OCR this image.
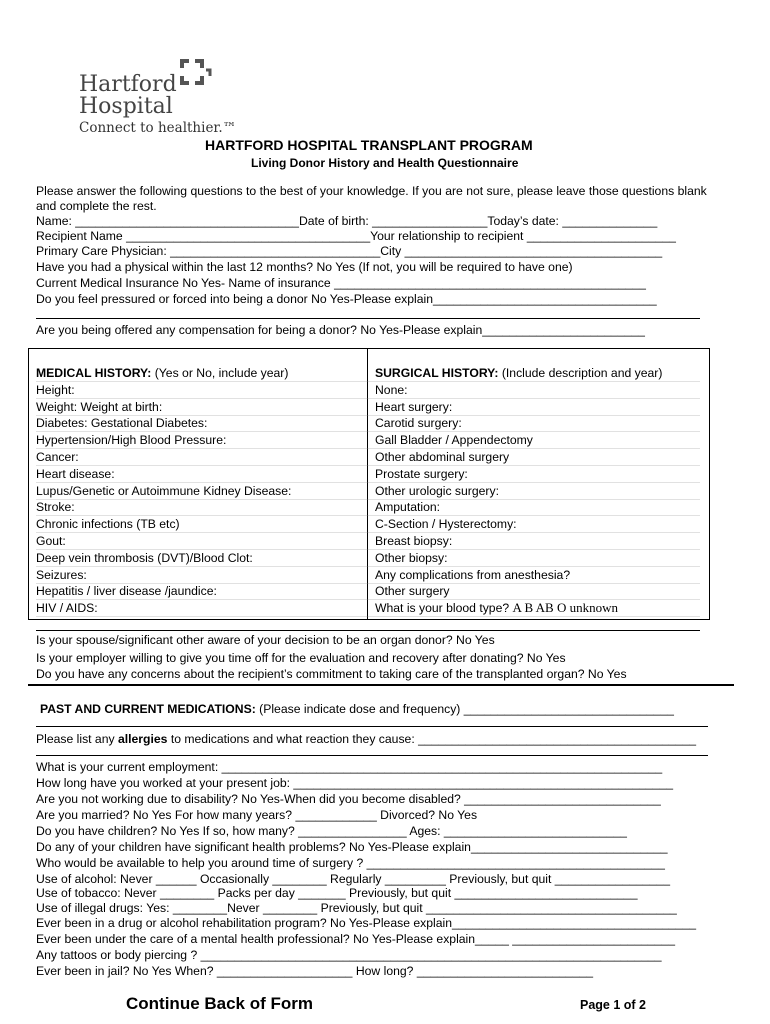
Hartford
Hospital
Connect to healthier.™
HARTFORD HOSPITAL TRANSPLANT PROGRAM
Living Donor History and Health Questionnaire
Please answer the following questions to the best of your knowledge. If you are not sure, please leave those questions blank
and complete the rest.
Name: _________________________________Date of birth: _________________Today’s date: ______________
Recipient Name ____________________________________Your relationship to recipient ______________________
Primary Care Physician: _______________________________City ______________________________________
Have you had a physical within the last 12 months? No Yes (If not, you will be required to have one)
Current Medical Insurance No Yes- Name of insurance ______________________________________________
Do you feel pressured or forced into being a donor No Yes-Please explain_________________________________
Are you being offered any compensation for being a donor? No Yes-Please explain________________________
MEDICAL HISTORY: (Yes or No, include year)
Height:
Weight: Weight at birth:
Diabetes: Gestational Diabetes:
Hypertension/High Blood Pressure:
Cancer:
Heart disease:
Lupus/Genetic or Autoimmune Kidney Disease:
Stroke:
Chronic infections (TB etc)
Gout:
Deep vein thrombosis (DVT)/Blood Clot:
Seizures:
Hepatitis / liver disease /jaundice:
HIV / AIDS:
SURGICAL HISTORY: (Include description and year)
None:
Heart surgery:
Carotid surgery:
Gall Bladder / Appendectomy
Other abdominal surgery
Prostate surgery:
Other urologic surgery:
Amputation:
C-Section / Hysterectomy:
Breast biopsy:
Other biopsy:
Any complications from anesthesia?
Other surgery
What is your blood type? A B AB O unknown
Is your spouse/significant other aware of your decision to be an organ donor? No Yes
Is your employer willing to give you time off for the evaluation and recovery after donating? No Yes
Do you have any concerns about the recipient’s commitment to taking care of the transplanted organ? No Yes
PAST AND CURRENT MEDICATIONS: (Please indicate dose and frequency) _______________________________
Please list any allergies to medications and what reaction they cause: _________________________________________
What is your current employment: _________________________________________________________________
How long have you worked at your present job: ________________________________________________________
Are you not working due to disability? No Yes-When did you become disabled? _____________________________
Are you married? No Yes For how many years? ____________ Divorced? No Yes
Do you have children? No Yes If so, how many? ________________ Ages: ___________________________
Do any of your children have significant health problems? No Yes-Please explain_____________________________
Who would be available to help you around time of surgery ? ____________________________________________
Use of alcohol: Never ______ Occasionally ________ Regularly _________ Previously, but quit _________________
Use of tobacco: Never ________ Packs per day _______ Previously, but quit ___________________________
Use of illegal drugs: Yes: ________Never ________ Previously, but quit _____________________________________
Ever been in a drug or alcohol rehabilitation program? No Yes-Please explain____________________________________
Ever been under the care of a mental health professional? No Yes-Please explain_____ ________________________
Any tattoos or body piercing ? ____________________________________________________________________
Ever been in jail? No Yes When? ____________________ How long? __________________________
Continue Back of Form	Page 1 of 2
